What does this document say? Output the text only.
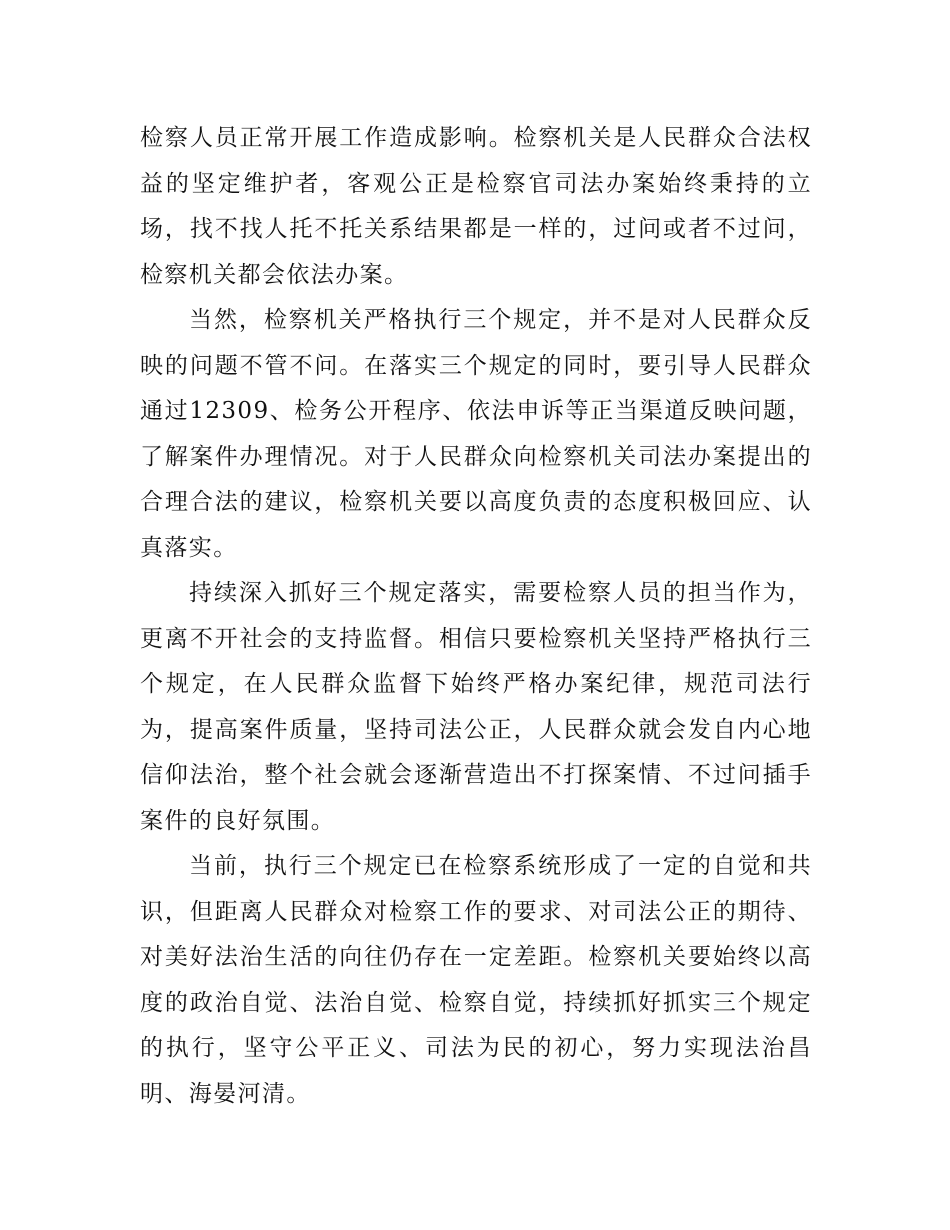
检察人员正常开展工作造成影响。检察机关是人民群众合法权
益的坚定维护者，客观公正是检察官司法办案始终秉持的立
场，找不找人托不托关系结果都是一样的，过问或者不过问，
检察机关都会依法办案。

当然，检察机关严格执行三个规定，并不是对人民群众反
映的问题不管不问。在落实三个规定的同时，要引导人民群众
通过12309、检务公开程序、依法申诉等正当渠道反映问题，
了解案件办理情况。对于人民群众向检察机关司法办案提出的
合理合法的建议，检察机关要以高度负责的态度积极回应、认
真落实。

持续深入抓好三个规定落实，需要检察人员的担当作为，
更离不开社会的支持监督。相信只要检察机关坚持严格执行三
个规定，在人民群众监督下始终严格办案纪律，规范司法行
为，提高案件质量，坚持司法公正，人民群众就会发自内心地
信仰法治，整个社会就会逐渐营造出不打探案情、不过问插手
案件的良好氛围。

当前，执行三个规定已在检察系统形成了一定的自觉和共
识，但距离人民群众对检察工作的要求、对司法公正的期待、
对美好法治生活的向往仍存在一定差距。检察机关要始终以高
度的政治自觉、法治自觉、检察自觉，持续抓好抓实三个规定
的执行，坚守公平正义、司法为民的初心，努力实现法治昌
明、海晏河清。
